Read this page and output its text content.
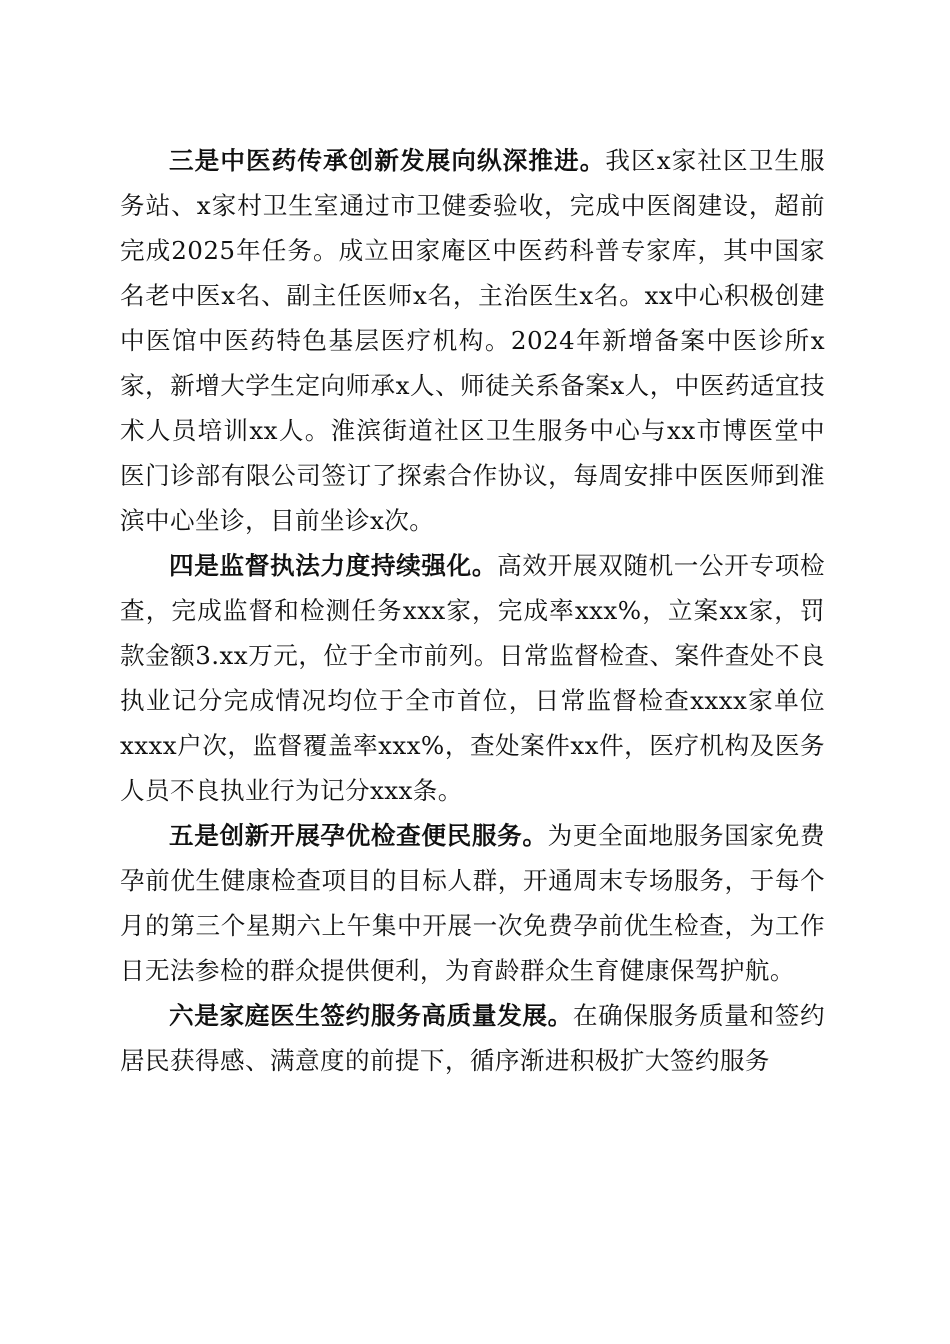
三是中医药传承创新发展向纵深推进。我区x家社区卫生服务站、x家村卫生室通过市卫健委验收，完成中医阁建设，超前完成2025年任务。成立田家庵区中医药科普专家库，其中国家名老中医x名、副主任医师x名，主治医生x名。xx中心积极创建中医馆中医药特色基层医疗机构。2024年新增备案中医诊所x家，新增大学生定向师承x人、师徒关系备案x人，中医药适宜技术人员培训xx人。淮滨街道社区卫生服务中心与xx市博医堂中医门诊部有限公司签订了探索合作协议，每周安排中医医师到淮滨中心坐诊，目前坐诊x次。

四是监督执法力度持续强化。高效开展双随机一公开专项检查，完成监督和检测任务xxx家，完成率xxx%，立案xx家，罚款金额3.xx万元，位于全市前列。日常监督检查、案件查处不良执业记分完成情况均位于全市首位，日常监督检查xxxx家单位xxxx户次，监督覆盖率xxx%，查处案件xx件，医疗机构及医务人员不良执业行为记分xxx条。

五是创新开展孕优检查便民服务。为更全面地服务国家免费孕前优生健康检查项目的目标人群，开通周末专场服务，于每个月的第三个星期六上午集中开展一次免费孕前优生检查，为工作日无法参检的群众提供便利，为育龄群众生育健康保驾护航。

六是家庭医生签约服务高质量发展。在确保服务质量和签约居民获得感、满意度的前提下，循序渐进积极扩大签约服务
